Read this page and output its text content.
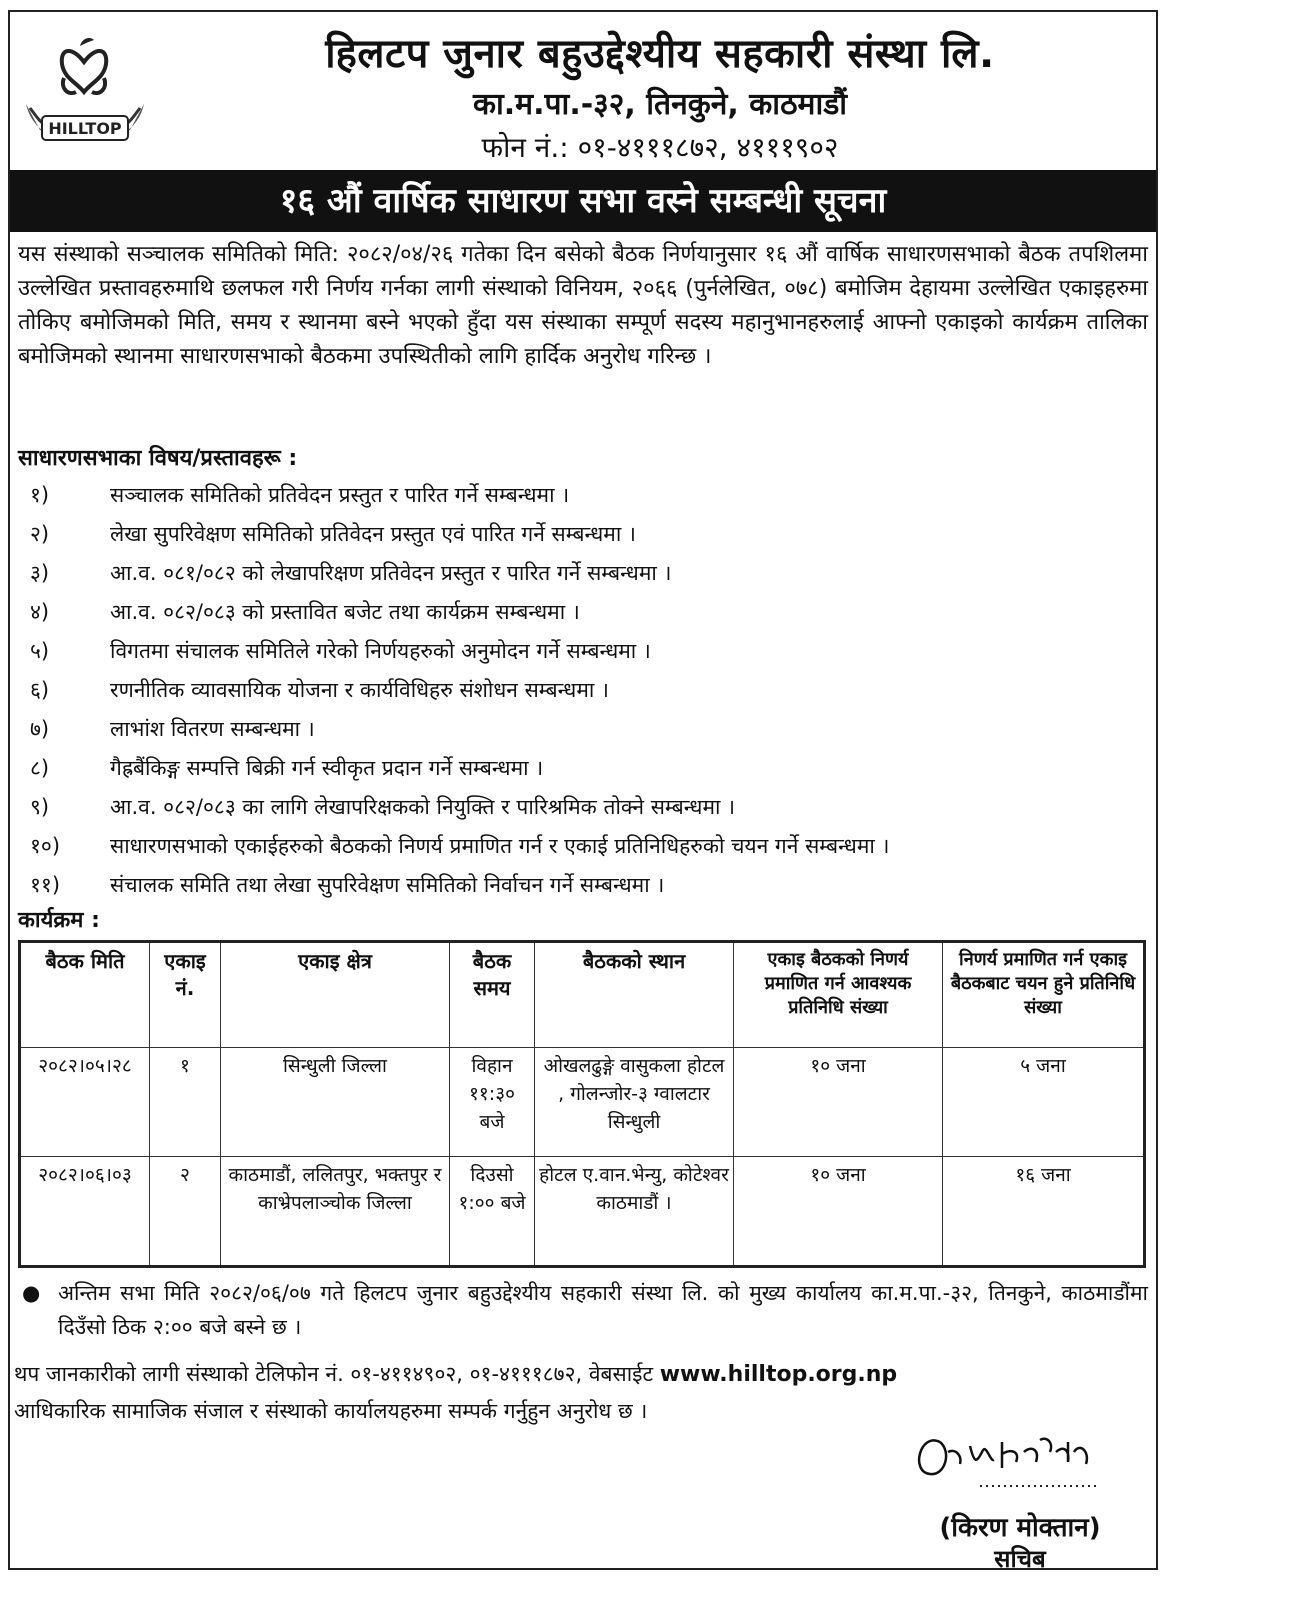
HILLTOP
हिलटप जुनार बहुउद्देश्यीय सहकारी संस्था लि.
का.म.पा.-३२, तिनकुने, काठमाडौं
फोन नं.: ०१-४१११८७२, ४१११९०२
१६ औं वार्षिक साधारण सभा वस्ने सम्बन्धी सूचना
यस संस्थाको सञ्चालक समितिको मिति: २०८२/०४/२६ गतेका दिन बसेको बैठक निर्णयानुसार १६ औं वार्षिक साधारणसभाको बैठक तपशिलमा उल्लेखित प्रस्तावहरुमाथि छलफल गरी निर्णय गर्नका लागी संस्थाको विनियम, २०६६ (पुर्नलेखित, ०७८) बमोजिम देहायमा उल्लेखित एकाइहरुमा तोकिए बमोजिमको मिति, समय र स्थानमा बस्ने भएको हुँदा यस संस्थाका सम्पूर्ण सदस्य महानुभानहरुलाई आफ्नो एकाइको कार्यक्रम तालिका बमोजिमको स्थानमा साधारणसभाको बैठकमा उपस्थितीको लागि हार्दिक अनुरोध गरिन्छ ।
साधारणसभाका विषय/प्रस्तावहरू :
१)	सञ्चालक समितिको प्रतिवेदन प्रस्तुत र पारित गर्ने सम्बन्धमा ।
२)	लेखा सुपरिवेक्षण समितिको प्रतिवेदन प्रस्तुत एवं पारित गर्ने सम्बन्धमा ।
३)	आ.व. ०८१/०८२ को लेखापरिक्षण प्रतिवेदन प्रस्तुत र पारित गर्ने सम्बन्धमा ।
४)	आ.व. ०८२/०८३ को प्रस्तावित बजेट तथा कार्यक्रम सम्बन्धमा ।
५)	विगतमा संचालक समितिले गरेको निर्णयहरुको अनुमोदन गर्ने सम्बन्धमा ।
६)	रणनीतिक व्यावसायिक योजना र कार्यविधिहरु संशोधन सम्बन्धमा ।
७)	लाभांश वितरण सम्बन्धमा ।
८)	गैह्रबैंकिङ्ग सम्पत्ति बिक्री गर्न स्वीकृत प्रदान गर्ने सम्बन्धमा ।
९)	आ.व. ०८२/०८३ का लागि लेखापरिक्षकको नियुक्ति र पारिश्रमिक तोक्ने सम्बन्धमा ।
१०)	साधारणसभाको एकाईहरुको बैठकको निणर्य प्रमाणित गर्न र एकाई प्रतिनिधिहरुको चयन गर्ने सम्बन्धमा ।
११)	संचालक समिति तथा लेखा सुपरिवेक्षण समितिको निर्वाचन गर्ने सम्बन्धमा ।
कार्यक्रम :
बैठक मिति	एकाइ नं.	एकाइ क्षेत्र	बैठक समय	बैठकको स्थान	एकाइ बैठकको निणर्य प्रमाणित गर्न आवश्यक प्रतिनिधि संख्या	निणर्य प्रमाणित गर्न एकाइ बैठकबाट चयन हुने प्रतिनिधि संख्या
२०८२।०५।२८	१	सिन्धुली जिल्ला	विहान ११:३० बजे	ओखलढुङ्गे वासुकला होटल , गोलन्जोर-३ ग्वालटार सिन्धुली	१० जना	५ जना
२०८२।०६।०३	२	काठमाडौं, ललितपुर, भक्तपुर र काभ्रेपलाञ्चोक जिल्ला	दिउसो १:०० बजे	होटल ए.वान.भेन्यु, कोटेश्वर काठमाडौं ।	१० जना	१६ जना
● अन्तिम सभा मिति २०८२/०६/०७ गते हिलटप जुनार बहुउद्देश्यीय सहकारी संस्था लि. को मुख्य कार्यालय का.म.पा.-३२, तिनकुने, काठमाडौंमा दिउँसो ठिक २:०० बजे बस्ने छ ।
थप जानकारीको लागी संस्थाको टेलिफोन नं. ०१-४११४९०२, ०१-४१११८७२, वेबसाईट www.hilltop.org.np
आधिकारिक सामाजिक संजाल र संस्थाको कार्यालयहरुमा सम्पर्क गर्नुहुन अनुरोध छ ।
(किरण मोक्तान)
सचिब
